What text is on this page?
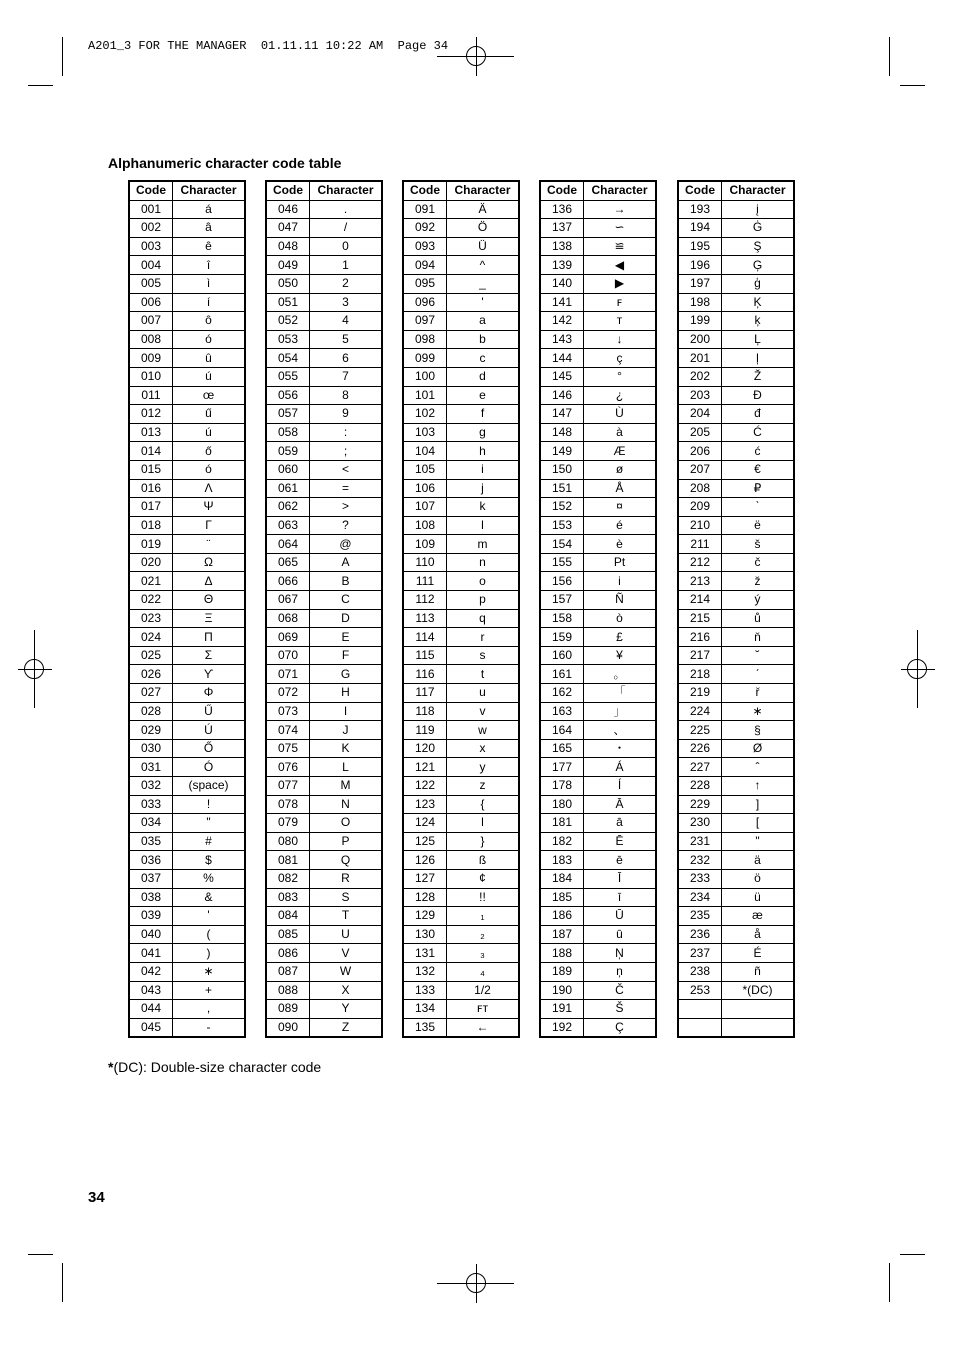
A201_3 FOR THE MANAGER  01.11.11 10:22 AM  Page 34
Alphanumeric character code table
Code	Character
001	á
002	â
003	ê
004	î
005	ì
006	í
007	ô
008	ó
009	û
010	ú
011	œ
012	ű
013	ú
014	ő
015	ó
016	Λ
017	Ψ
018	Γ
019	¨
020	Ω
021	Δ
022	Θ
023	Ξ
024	Π
025	Σ
026	ϒ
027	Φ
028	Ű
029	Ú
030	Ő
031	Ó
032	(space)
033	!
034	"
035	#
036	$
037	%
038	&
039	'
040	(
041	)
042	∗
043	+
044	,
045	-
Code	Character
046	.
047	/
048	0
049	1
050	2
051	3
052	4
053	5
054	6
055	7
056	8
057	9
058	:
059	;
060	<
061	=
062	>
063	?
064	@
065	A
066	B
067	C
068	D
069	E
070	F
071	G
072	H
073	I
074	J
075	K
076	L
077	M
078	N
079	O
080	P
081	Q
082	R
083	S
084	T
085	U
086	V
087	W
088	X
089	Y
090	Z
Code	Character
091	Ä
092	Ö
093	Ü
094	^
095	_
096	'
097	a
098	b
099	c
100	d
101	e
102	f
103	g
104	h
105	i
106	j
107	k
108	l
109	m
110	n
111	o
112	p
113	q
114	r
115	s
116	t
117	u
118	v
119	w
120	x
121	y
122	z
123	{
124	l
125	}
126	ß
127	¢
128	!!
129	₁
130	₂
131	₃
132	₄
133	1/2
134	ꜰᴛ
135	←
Code	Character
136	→
137	∽
138	≌
139	◀
140	▶
141	ꜰ
142	ᴛ
143	↓
144	ç
145	°
146	¿
147	Ù
148	à
149	Æ
150	ø
151	Å
152	¤
153	é
154	è
155	Pt
156	i
157	Ñ
158	ò
159	£
160	¥
161	。
162	「
163	」
164	、
165	･
177	Á
178	Í
180	Ā
181	ā
182	Ē
183	ē
184	Ī
185	ī
186	Ū
187	ū
188	Ņ
189	ņ
190	Č
191	Š
192	Ç
Code	Character
193	į
194	Ġ
195	Ş
196	Ģ
197	ģ
198	Ķ
199	ķ
200	Ļ
201	ļ
202	Ž
203	Đ
204	đ
205	Ć
206	ć
207	€
208	₽
209	ˋ
210	ë
211	š
212	č
213	ž
214	ý
215	ů
216	ň
217	˘
218	ˊ
219	ř
224	∗
225	§
226	Ø
227	ˆ
228	↑
229	]
230	[
231	"
232	ä
233	ö
234	ü
235	æ
236	å
237	É
238	ñ
253	*(DC)

*(DC): Double-size character code
34
